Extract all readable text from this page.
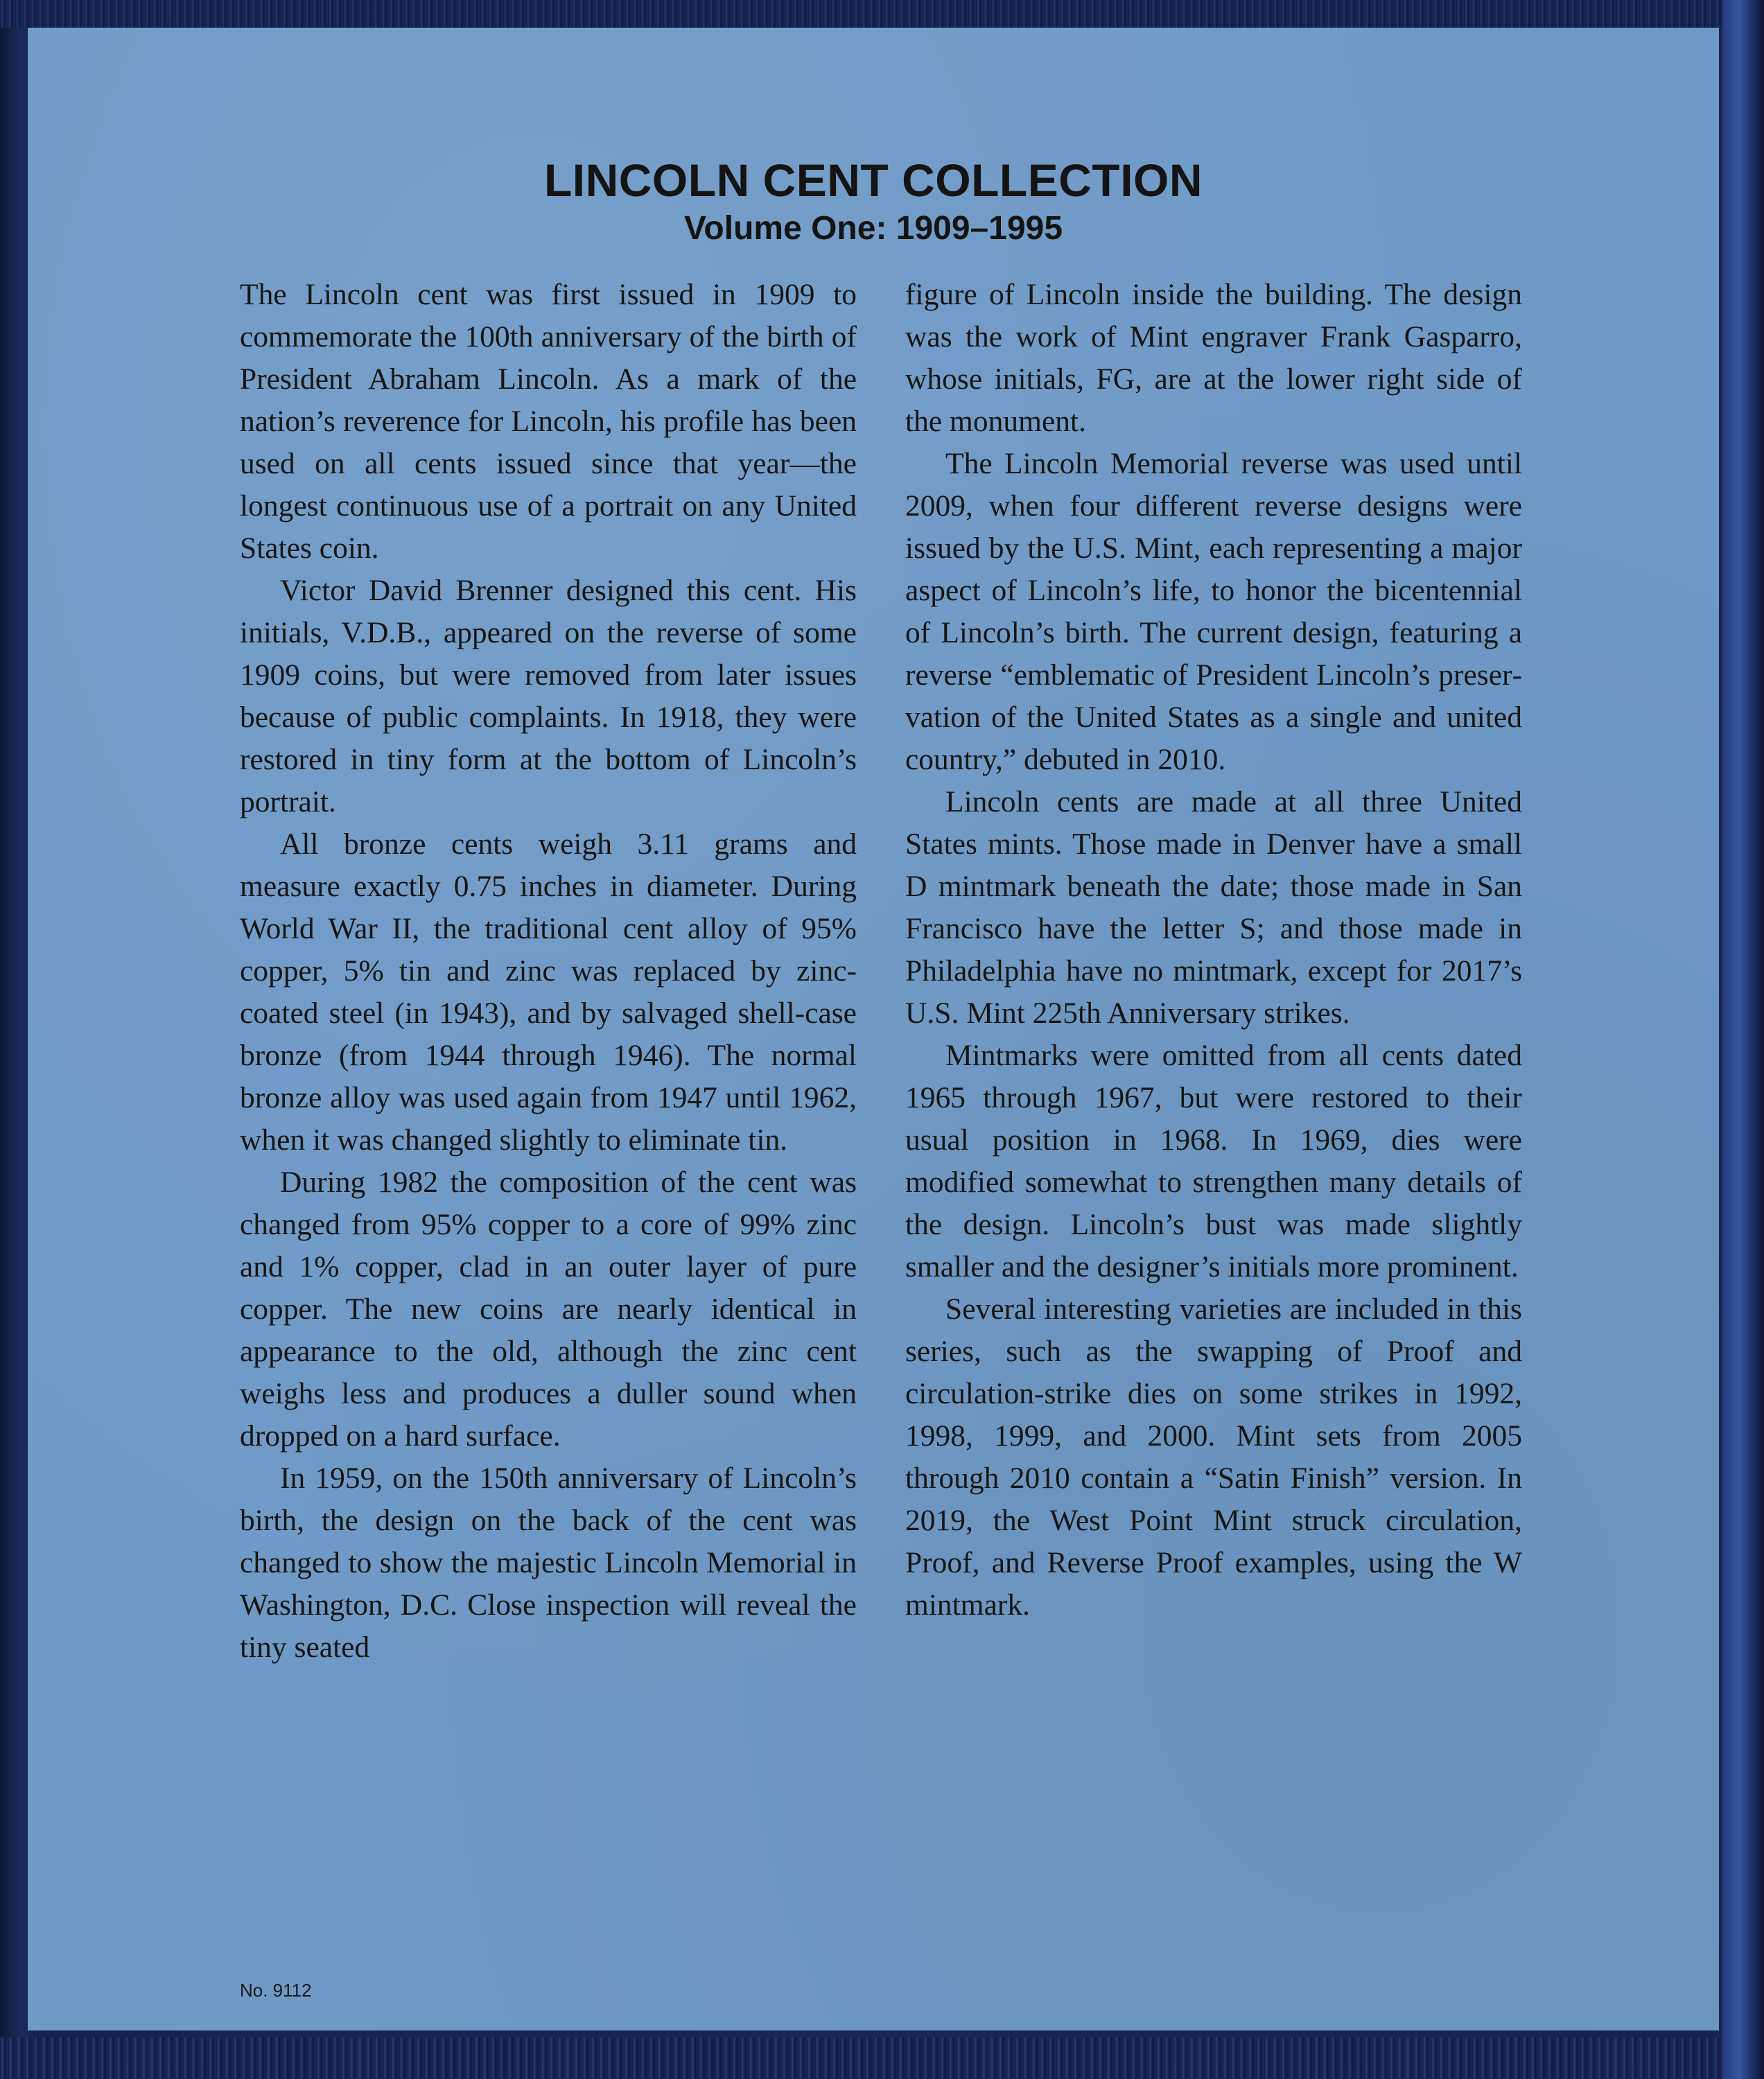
LINCOLN CENT COLLECTION
Volume One: 1909–1995

The Lincoln cent was first issued in 1909 to commemorate the 100th anniversary of the birth of President Abraham Lincoln. As a mark of the nation’s reverence for Lincoln, his profile has been used on all cents issued since that year—the longest continuous use of a portrait on any United States coin.

Victor David Brenner designed this cent. His initials, V.D.B., appeared on the reverse of some 1909 coins, but were removed from later issues because of public complaints. In 1918, they were restored in tiny form at the bottom of Lincoln’s portrait.

All bronze cents weigh 3.11 grams and measure exactly 0.75 inches in diameter. During World War II, the traditional cent alloy of 95% copper, 5% tin and zinc was replaced by zinc-coated steel (in 1943), and by salvaged shell-case bronze (from 1944 through 1946). The normal bronze alloy was used again from 1947 until 1962, when it was changed slightly to eliminate tin.

During 1982 the composition of the cent was changed from 95% copper to a core of 99% zinc and 1% copper, clad in an outer layer of pure copper. The new coins are nearly identical in appearance to the old, although the zinc cent weighs less and produces a duller sound when dropped on a hard surface.

In 1959, on the 150th anniversary of Lincoln’s birth, the design on the back of the cent was changed to show the majestic Lincoln Memorial in Washington, D.C. Close inspection will reveal the tiny seated

figure of Lincoln inside the building. The design was the work of Mint engraver Frank Gasparro, whose initials, FG, are at the lower right side of the monument.

The Lincoln Memorial reverse was used until 2009, when four different reverse designs were issued by the U.S. Mint, each representing a major aspect of Lincoln’s life, to honor the bicentennial of Lincoln’s birth. The current design, featuring a reverse “emblematic of President Lincoln’s preservation of the United States as a single and united country,” debuted in 2010.

Lincoln cents are made at all three United States mints. Those made in Denver have a small D mintmark beneath the date; those made in San Francisco have the letter S; and those made in Philadelphia have no mintmark, except for 2017’s U.S. Mint 225th Anniversary strikes.

Mintmarks were omitted from all cents dated 1965 through 1967, but were restored to their usual position in 1968. In 1969, dies were modified somewhat to strengthen many details of the design. Lincoln’s bust was made slightly smaller and the designer’s initials more prominent.

Several interesting varieties are included in this series, such as the swapping of Proof and circulation-strike dies on some strikes in 1992, 1998, 1999, and 2000. Mint sets from 2005 through 2010 contain a “Satin Finish” version. In 2019, the West Point Mint struck circulation, Proof, and Reverse Proof examples, using the W mintmark.

No. 9112
